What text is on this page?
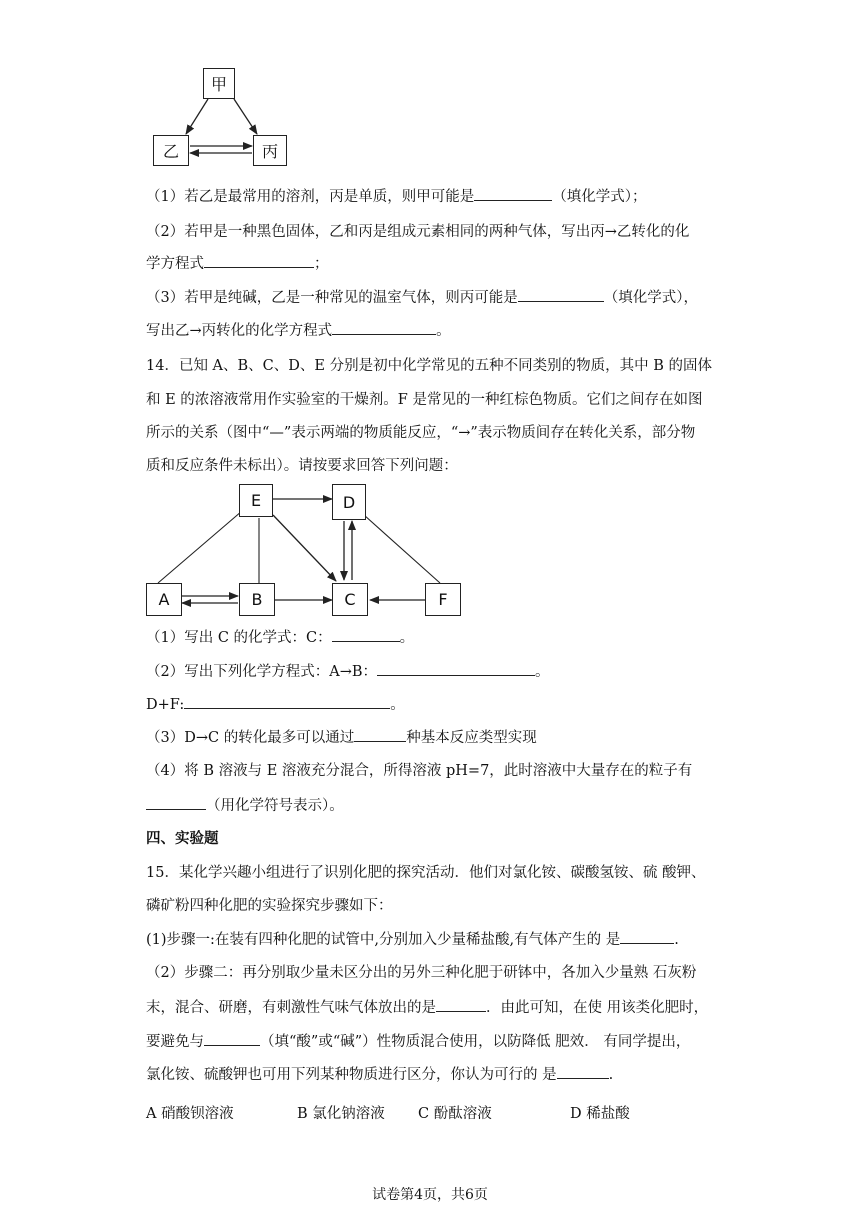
甲
乙	丙
（1）若乙是最常用的溶剂，丙是单质，则甲可能是	（填化学式）；
（2）若甲是一种黑色固体，乙和丙是组成元素相同的两种气体，写出丙→乙转化的化
学方程式	；
（3）若甲是纯碱，乙是一种常见的温室气体，则丙可能是	（填化学式），
写出乙→丙转化的化学方程式	。
14．已知 A、B、C、D、E 分别是初中化学常见的五种不同类别的物质，其中 B 的固体
和 E 的浓溶液常用作实验室的干燥剂。F 是常见的一种红棕色物质。它们之间存在如图
所示的关系（图中“—”表示两端的物质能反应，“→”表示物质间存在转化关系，部分物
质和反应条件未标出）。请按要求回答下列问题：
E	D
A	B	C	F
（1）写出 C 的化学式：C：	。
（2）写出下列化学方程式：A→B：	。
D+F:	。
（3）D→C 的转化最多可以通过	种基本反应类型实现
（4）将 B 溶液与 E 溶液充分混合，所得溶液 pH=7，此时溶液中大量存在的粒子有
（用化学符号表示）。
四、实验题
15．某化学兴趣小组进行了识别化肥的探究活动．他们对氯化铵、碳酸氢铵、硫 酸钾、
磷矿粉四种化肥的实验探究步骤如下：
(1)步骤一:在装有四种化肥的试管中,分别加入少量稀盐酸,有气体产生的 是	.
（2）步骤二：再分别取少量未区分出的另外三种化肥于研钵中，各加入少量熟 石灰粉
末，混合、研磨，有刺激性气味气体放出的是	．由此可知，在使 用该类化肥时，
要避免与	（填“酸”或“碱”）性物质混合使用，以防降低 肥效． 有同学提出，
氯化铵、硫酸钾也可用下列某种物质进行区分，你认为可行的 是	.
A 硝酸钡溶液	B 氯化钠溶液 C 酚酞溶液	D 稀盐酸
试卷第4页，共6页
